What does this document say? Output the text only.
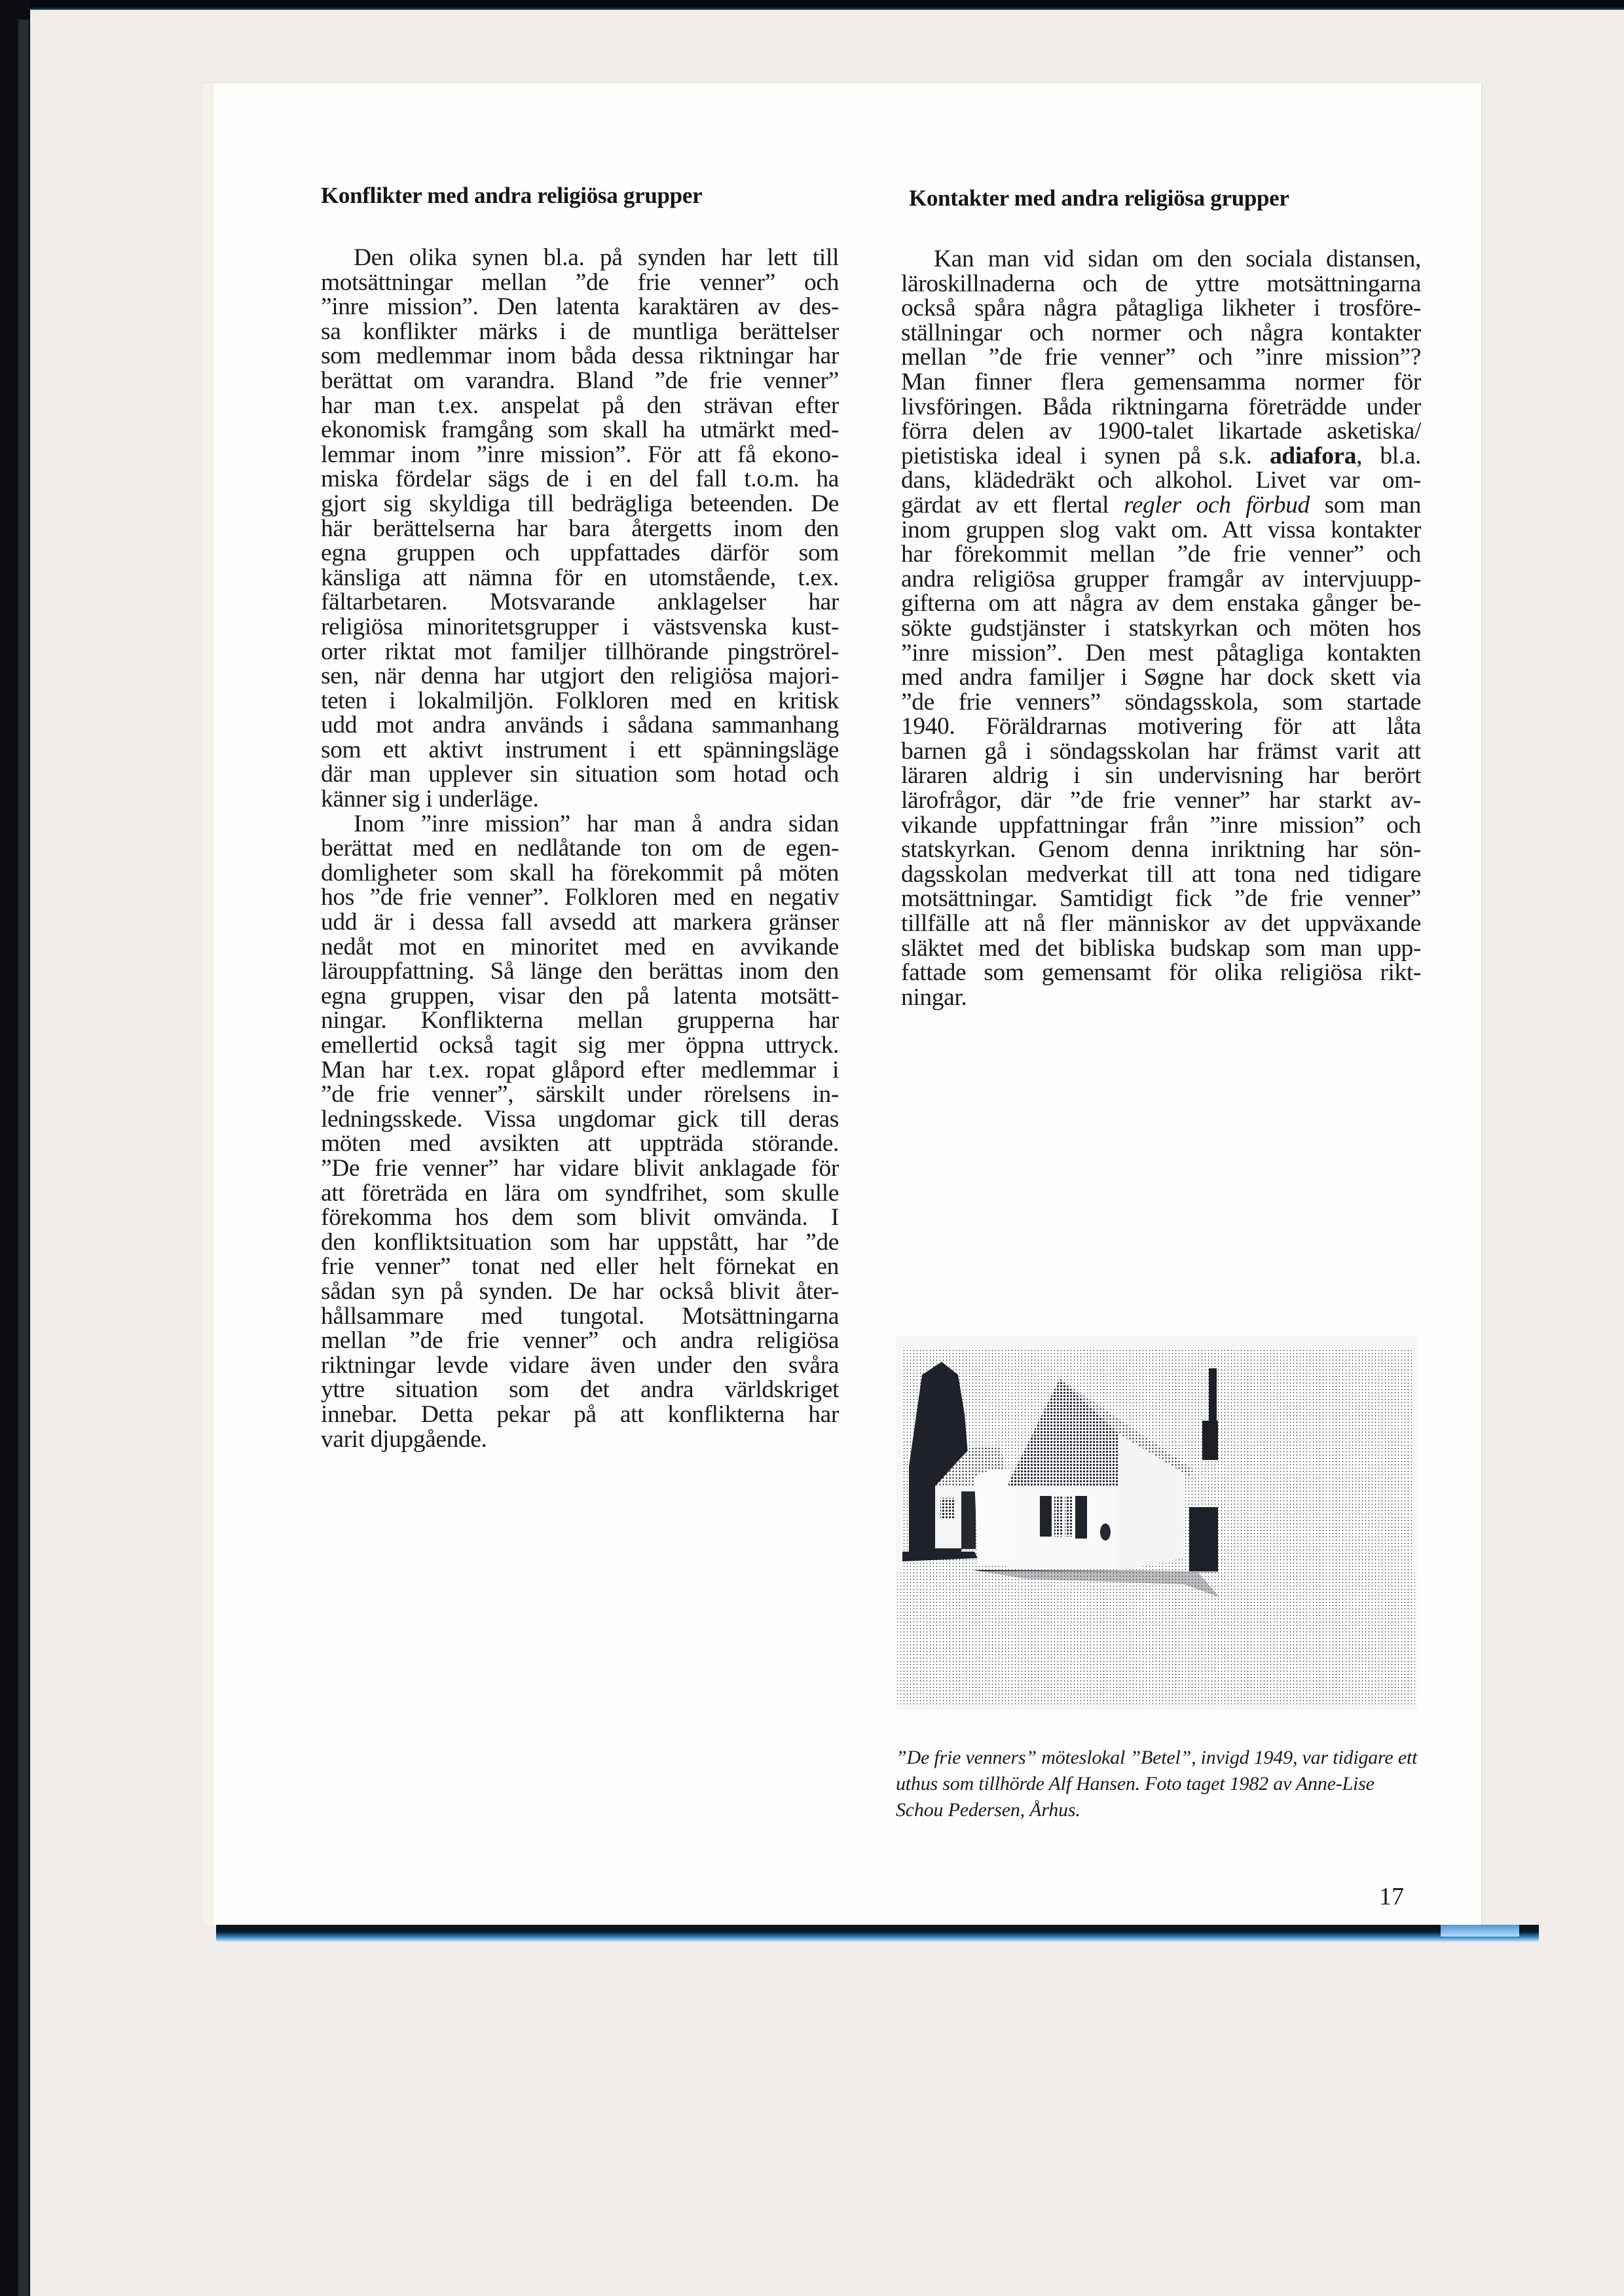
Konflikter med andra religiösa grupper
Den olika synen bl.a. på synden har lett till
motsättningar mellan ”de frie venner” och
”inre mission”. Den latenta karaktären av des-
sa konflikter märks i de muntliga berättelser
som medlemmar inom båda dessa riktningar har
berättat om varandra. Bland ”de frie venner”
har man t.ex. anspelat på den strävan efter
ekonomisk framgång som skall ha utmärkt med-
lemmar inom ”inre mission”. För att få ekono-
miska fördelar sägs de i en del fall t.o.m. ha
gjort sig skyldiga till bedrägliga beteenden. De
här berättelserna har bara återgetts inom den
egna gruppen och uppfattades därför som
känsliga att nämna för en utomstående, t.ex.
fältarbetaren. Motsvarande anklagelser har
religiösa minoritetsgrupper i västsvenska kust-
orter riktat mot familjer tillhörande pingströrel-
sen, när denna har utgjort den religiösa majori-
teten i lokalmiljön. Folkloren med en kritisk
udd mot andra används i sådana sammanhang
som ett aktivt instrument i ett spänningsläge
där man upplever sin situation som hotad och
känner sig i underläge.
Inom ”inre mission” har man å andra sidan
berättat med en nedlåtande ton om de egen-
domligheter som skall ha förekommit på möten
hos ”de frie venner”. Folkloren med en negativ
udd är i dessa fall avsedd att markera gränser
nedåt mot en minoritet med en avvikande
lärouppfattning. Så länge den berättas inom den
egna gruppen, visar den på latenta motsätt-
ningar. Konflikterna mellan grupperna har
emellertid också tagit sig mer öppna uttryck.
Man har t.ex. ropat glåpord efter medlemmar i
”de frie venner”, särskilt under rörelsens in-
ledningsskede. Vissa ungdomar gick till deras
möten med avsikten att uppträda störande.
”De frie venner” har vidare blivit anklagade för
att företräda en lära om syndfrihet, som skulle
förekomma hos dem som blivit omvända. I
den konfliktsituation som har uppstått, har ”de
frie venner” tonat ned eller helt förnekat en
sådan syn på synden. De har också blivit åter-
hållsammare med tungotal. Motsättningarna
mellan ”de frie venner” och andra religiösa
riktningar levde vidare även under den svåra
yttre situation som det andra världskriget
innebar. Detta pekar på att konflikterna har
varit djupgående.
Kontakter med andra religiösa grupper
Kan man vid sidan om den sociala distansen,
läroskillnaderna och de yttre motsättningarna
också spåra några påtagliga likheter i trosföre-
ställningar och normer och några kontakter
mellan ”de frie venner” och ”inre mission”?
Man finner flera gemensamma normer för
livsföringen. Båda riktningarna företrädde under
förra delen av 1900-talet likartade asketiska/
pietistiska ideal i synen på s.k. adiafora, bl.a.
dans, klädedräkt och alkohol. Livet var om-
gärdat av ett flertal regler och förbud som man
inom gruppen slog vakt om. Att vissa kontakter
har förekommit mellan ”de frie venner” och
andra religiösa grupper framgår av intervjuupp-
gifterna om att några av dem enstaka gånger be-
sökte gudstjänster i statskyrkan och möten hos
”inre mission”. Den mest påtagliga kontakten
med andra familjer i Søgne har dock skett via
”de frie venners” söndagsskola, som startade
1940. Föräldrarnas motivering för att låta
barnen gå i söndagsskolan har främst varit att
läraren aldrig i sin undervisning har berört
lärofrågor, där ”de frie venner” har starkt av-
vikande uppfattningar från ”inre mission” och
statskyrkan. Genom denna inriktning har sön-
dagsskolan medverkat till att tona ned tidigare
motsättningar. Samtidigt fick ”de frie venner”
tillfälle att nå fler människor av det uppväxande
släktet med det bibliska budskap som man upp-
fattade som gemensamt för olika religiösa rikt-
ningar.
”De frie venners” möteslokal ”Betel”, invigd 1949, var tidigare ett uthus som tillhörde Alf Hansen. Foto taget 1982 av Anne-Lise Schou Pedersen, Århus.
17
